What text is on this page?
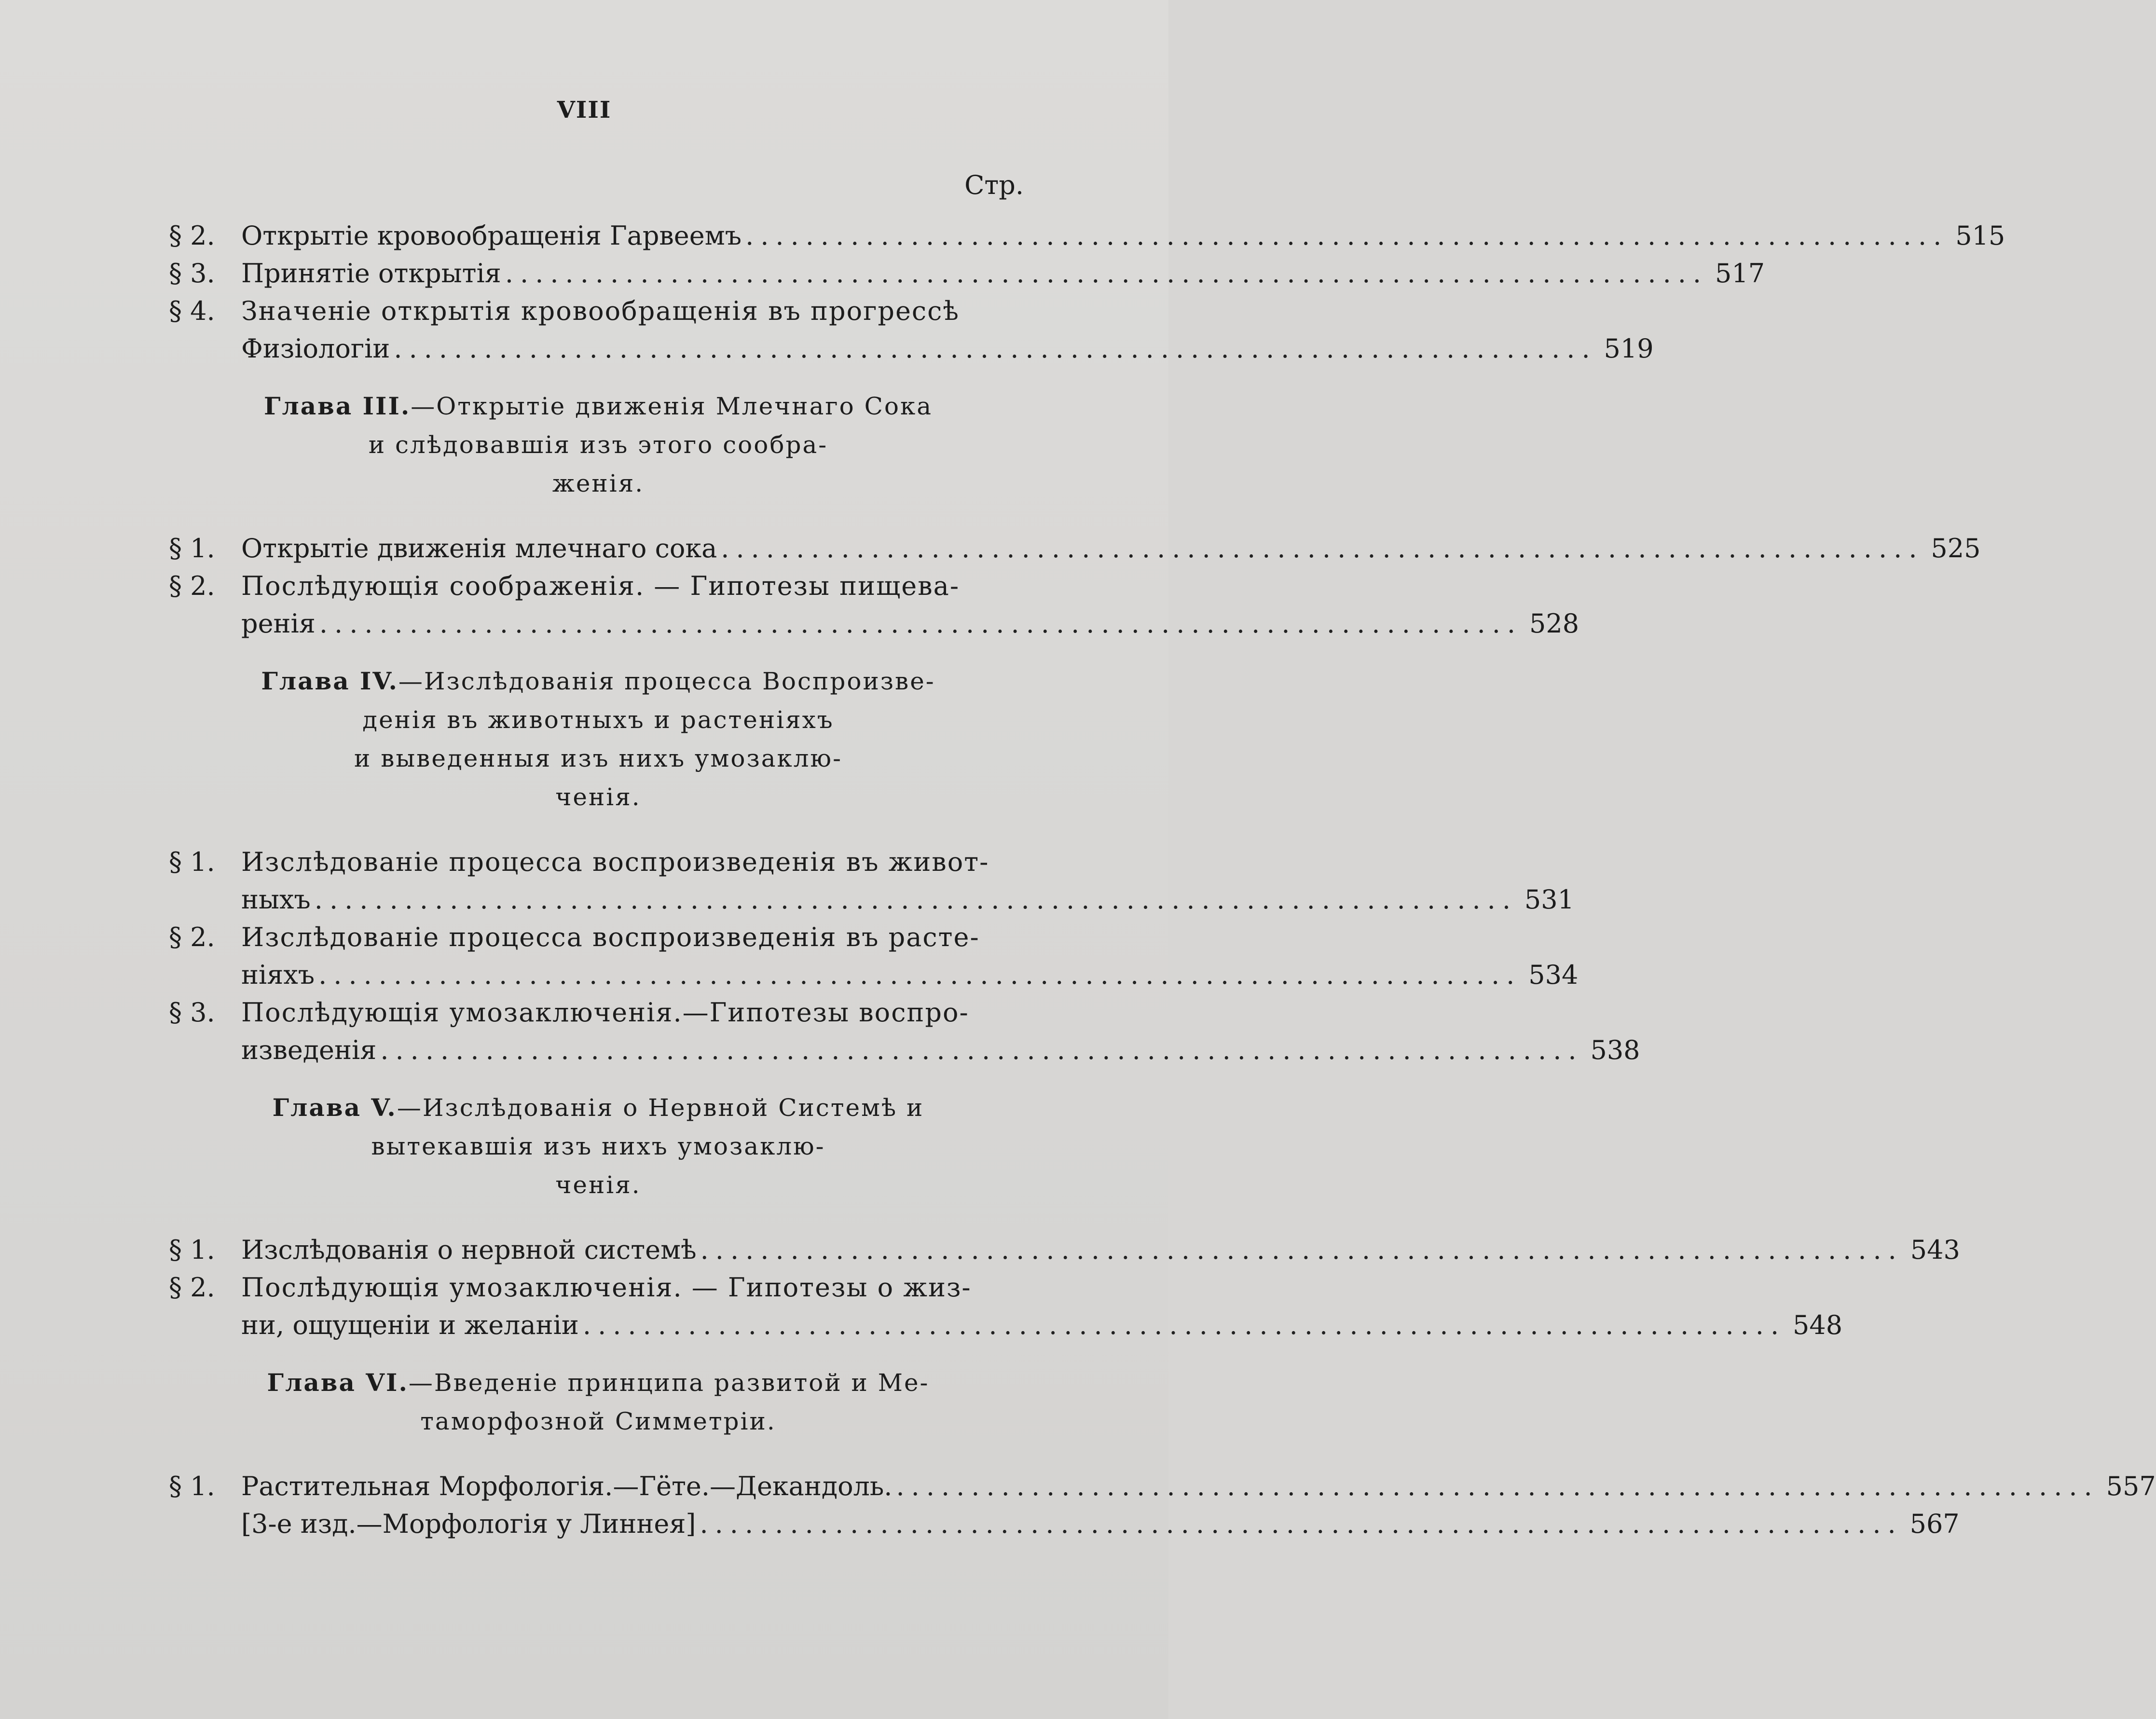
VIII
Стр.
§ 2. Открытіе кровообращенія Гарвеемъ ................................................................................ 515
§ 3. Принятіе открытія ................................................................................ 517
§ 4. Значеніе открытія кровообращенія въ прогрессѣ
Физіологіи ................................................................................ 519
Глава III.—Открытіе движенія Млечнаго Сока
и слѣдовавшія изъ этого сообра-
женія.
§ 1. Открытіе движенія млечнаго сока ................................................................................ 525
§ 2. Послѣдующія соображенія. — Гипотезы пищева-
ренія ................................................................................ 528
Глава IV.—Изслѣдованія процесса Воспроизве-
денія въ животныхъ и растеніяхъ
и выведенныя изъ нихъ умозаклю-
ченія.
§ 1. Изслѣдованіе процесса воспроизведенія въ живот-
ныхъ ................................................................................ 531
§ 2. Изслѣдованіе процесса воспроизведенія въ расте-
ніяхъ ................................................................................ 534
§ 3. Послѣдующія умозаключенія.—Гипотезы воспро-
изведенія ................................................................................ 538
Глава V.—Изслѣдованія о Нервной Системѣ и
вытекавшія изъ нихъ умозаклю-
ченія.
§ 1. Изслѣдованія о нервной системѣ ................................................................................ 543
§ 2. Послѣдующія умозаключенія. — Гипотезы о жиз-
ни, ощущеніи и желаніи ................................................................................ 548
Глава VI.—Введеніе принципа развитой и Ме-
таморфозной Симметріи.
§ 1. Растительная Морфологія.—Гёте.—Декандоль. ................................................................................ 557
[3-е изд.—Морфологія у Линнея] ................................................................................ 567
